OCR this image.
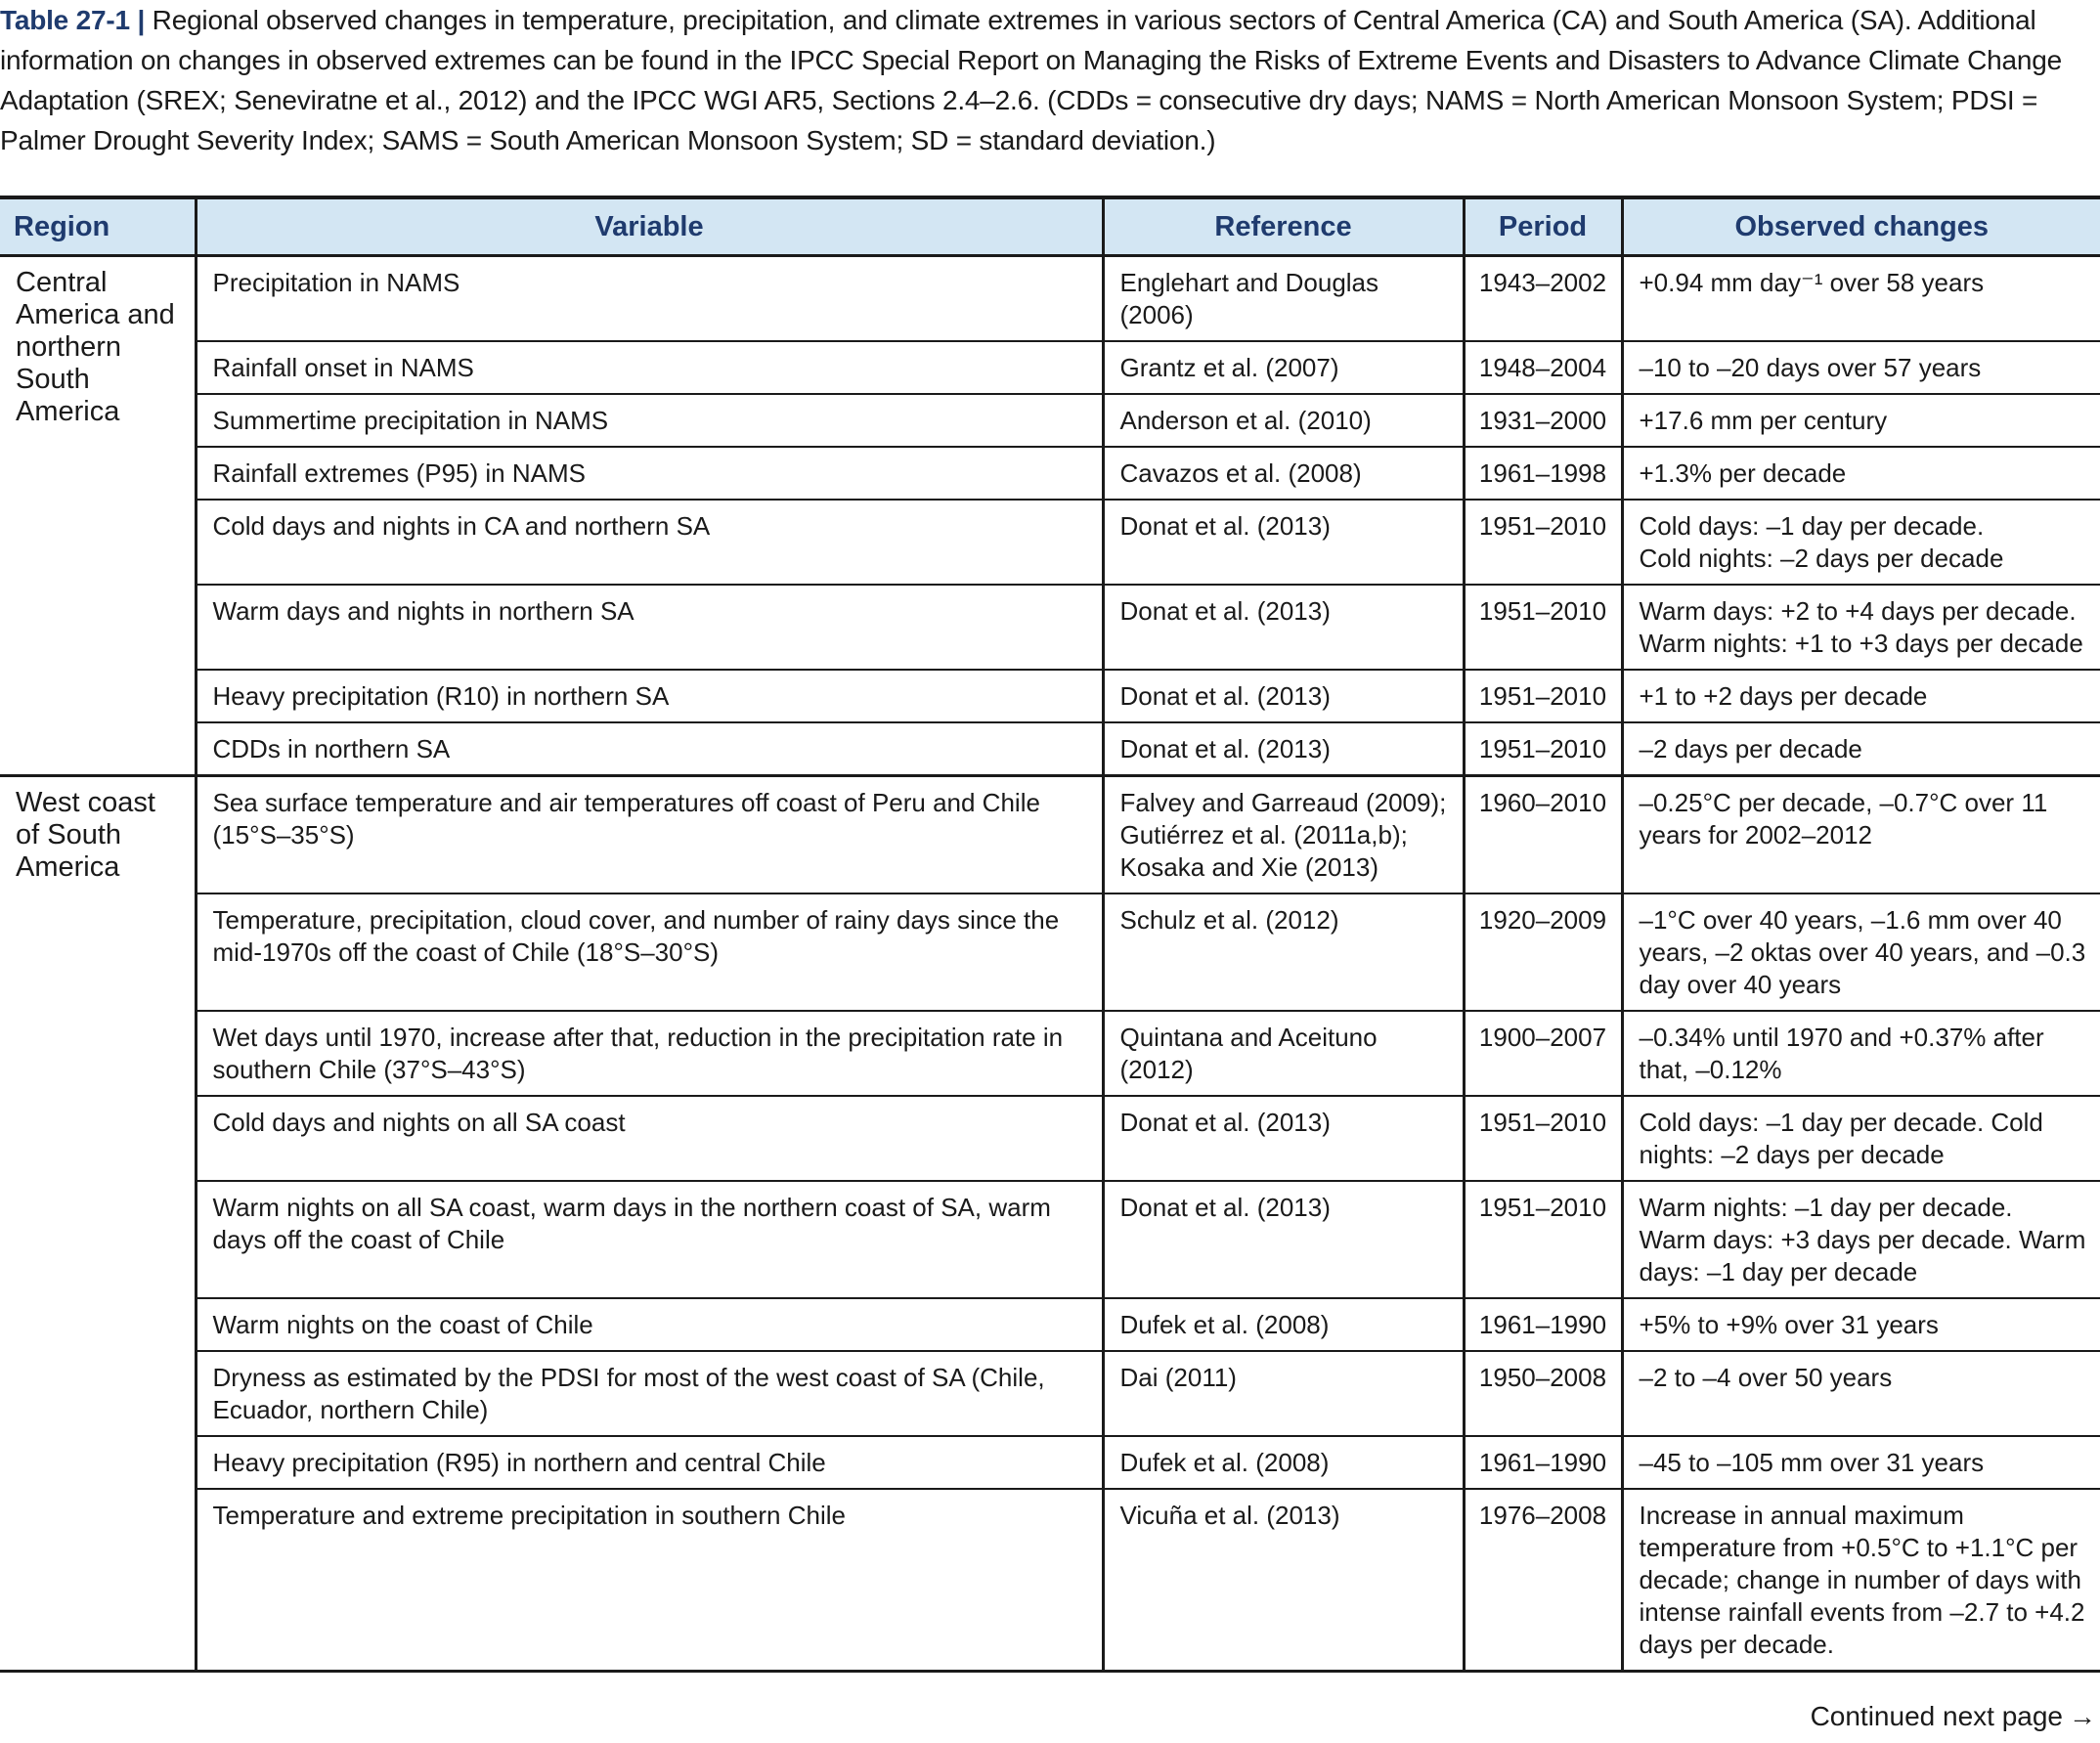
Table 27-1 | Regional observed changes in temperature, precipitation, and climate extremes in various sectors of Central America (CA) and South America (SA). Additional information on changes in observed extremes can be found in the IPCC Special Report on Managing the Risks of Extreme Events and Disasters to Advance Climate Change Adaptation (SREX; Seneviratne et al., 2012) and the IPCC WGI AR5, Sections 2.4–2.6. (CDDs = consecutive dry days; NAMS = North American Monsoon System; PDSI = Palmer Drought Severity Index; SAMS = South American Monsoon System; SD = standard deviation.)
Region	Variable	Reference	Period	Observed changes
Central America and northern South America	Precipitation in NAMS	Englehart and Douglas (2006)	1943–2002	+0.94 mm day⁻¹ over 58 years
	Rainfall onset in NAMS	Grantz et al. (2007)	1948–2004	–10 to –20 days over 57 years
	Summertime precipitation in NAMS	Anderson et al. (2010)	1931–2000	+17.6 mm per century
	Rainfall extremes (P95) in NAMS	Cavazos et al. (2008)	1961–1998	+1.3% per decade
	Cold days and nights in CA and northern SA	Donat et al. (2013)	1951–2010	Cold days: –1 day per decade.
Cold nights: –2 days per decade
	Warm days and nights in northern SA	Donat et al. (2013)	1951–2010	Warm days: +2 to +4 days per decade.
Warm nights: +1 to +3 days per decade
	Heavy precipitation (R10) in northern SA	Donat et al. (2013)	1951–2010	+1 to +2 days per decade
	CDDs in northern SA	Donat et al. (2013)	1951–2010	–2 days per decade
West coast of South America	Sea surface temperature and air temperatures off coast of Peru and Chile (15°S–35°S)	Falvey and Garreaud (2009);
Gutiérrez et al. (2011a,b);
Kosaka and Xie (2013)	1960–2010	–0.25°C per decade, –0.7°C over 11 years for 2002–2012
	Temperature, precipitation, cloud cover, and number of rainy days since the mid-1970s off the coast of Chile (18°S–30°S)	Schulz et al. (2012)	1920–2009	–1°C over 40 years, –1.6 mm over 40 years, –2 oktas over 40 years, and –0.3 day over 40 years
	Wet days until 1970, increase after that, reduction in the precipitation rate in southern Chile (37°S–43°S)	Quintana and Aceituno (2012)	1900–2007	–0.34% until 1970 and +0.37% after that, –0.12%
	Cold days and nights on all SA coast	Donat et al. (2013)	1951–2010	Cold days: –1 day per decade. Cold nights: –2 days per decade
	Warm nights on all SA coast, warm days in the northern coast of SA, warm days off the coast of Chile	Donat et al. (2013)	1951–2010	Warm nights: –1 day per decade. Warm days: +3 days per decade. Warm days: –1 day per decade
	Warm nights on the coast of Chile	Dufek et al. (2008)	1961–1990	+5% to +9% over 31 years
	Dryness as estimated by the PDSI for most of the west coast of SA (Chile, Ecuador, northern Chile)	Dai (2011)	1950–2008	–2 to –4 over 50 years
	Heavy precipitation (R95) in northern and central Chile	Dufek et al. (2008)	1961–1990	–45 to –105 mm over 31 years
	Temperature and extreme precipitation in southern Chile	Vicuña et al. (2013)	1976–2008	Increase in annual maximum temperature from +0.5°C to +1.1°C per decade; change in number of days with intense rainfall events from –2.7 to +4.2 days per decade.
Continued next page →
